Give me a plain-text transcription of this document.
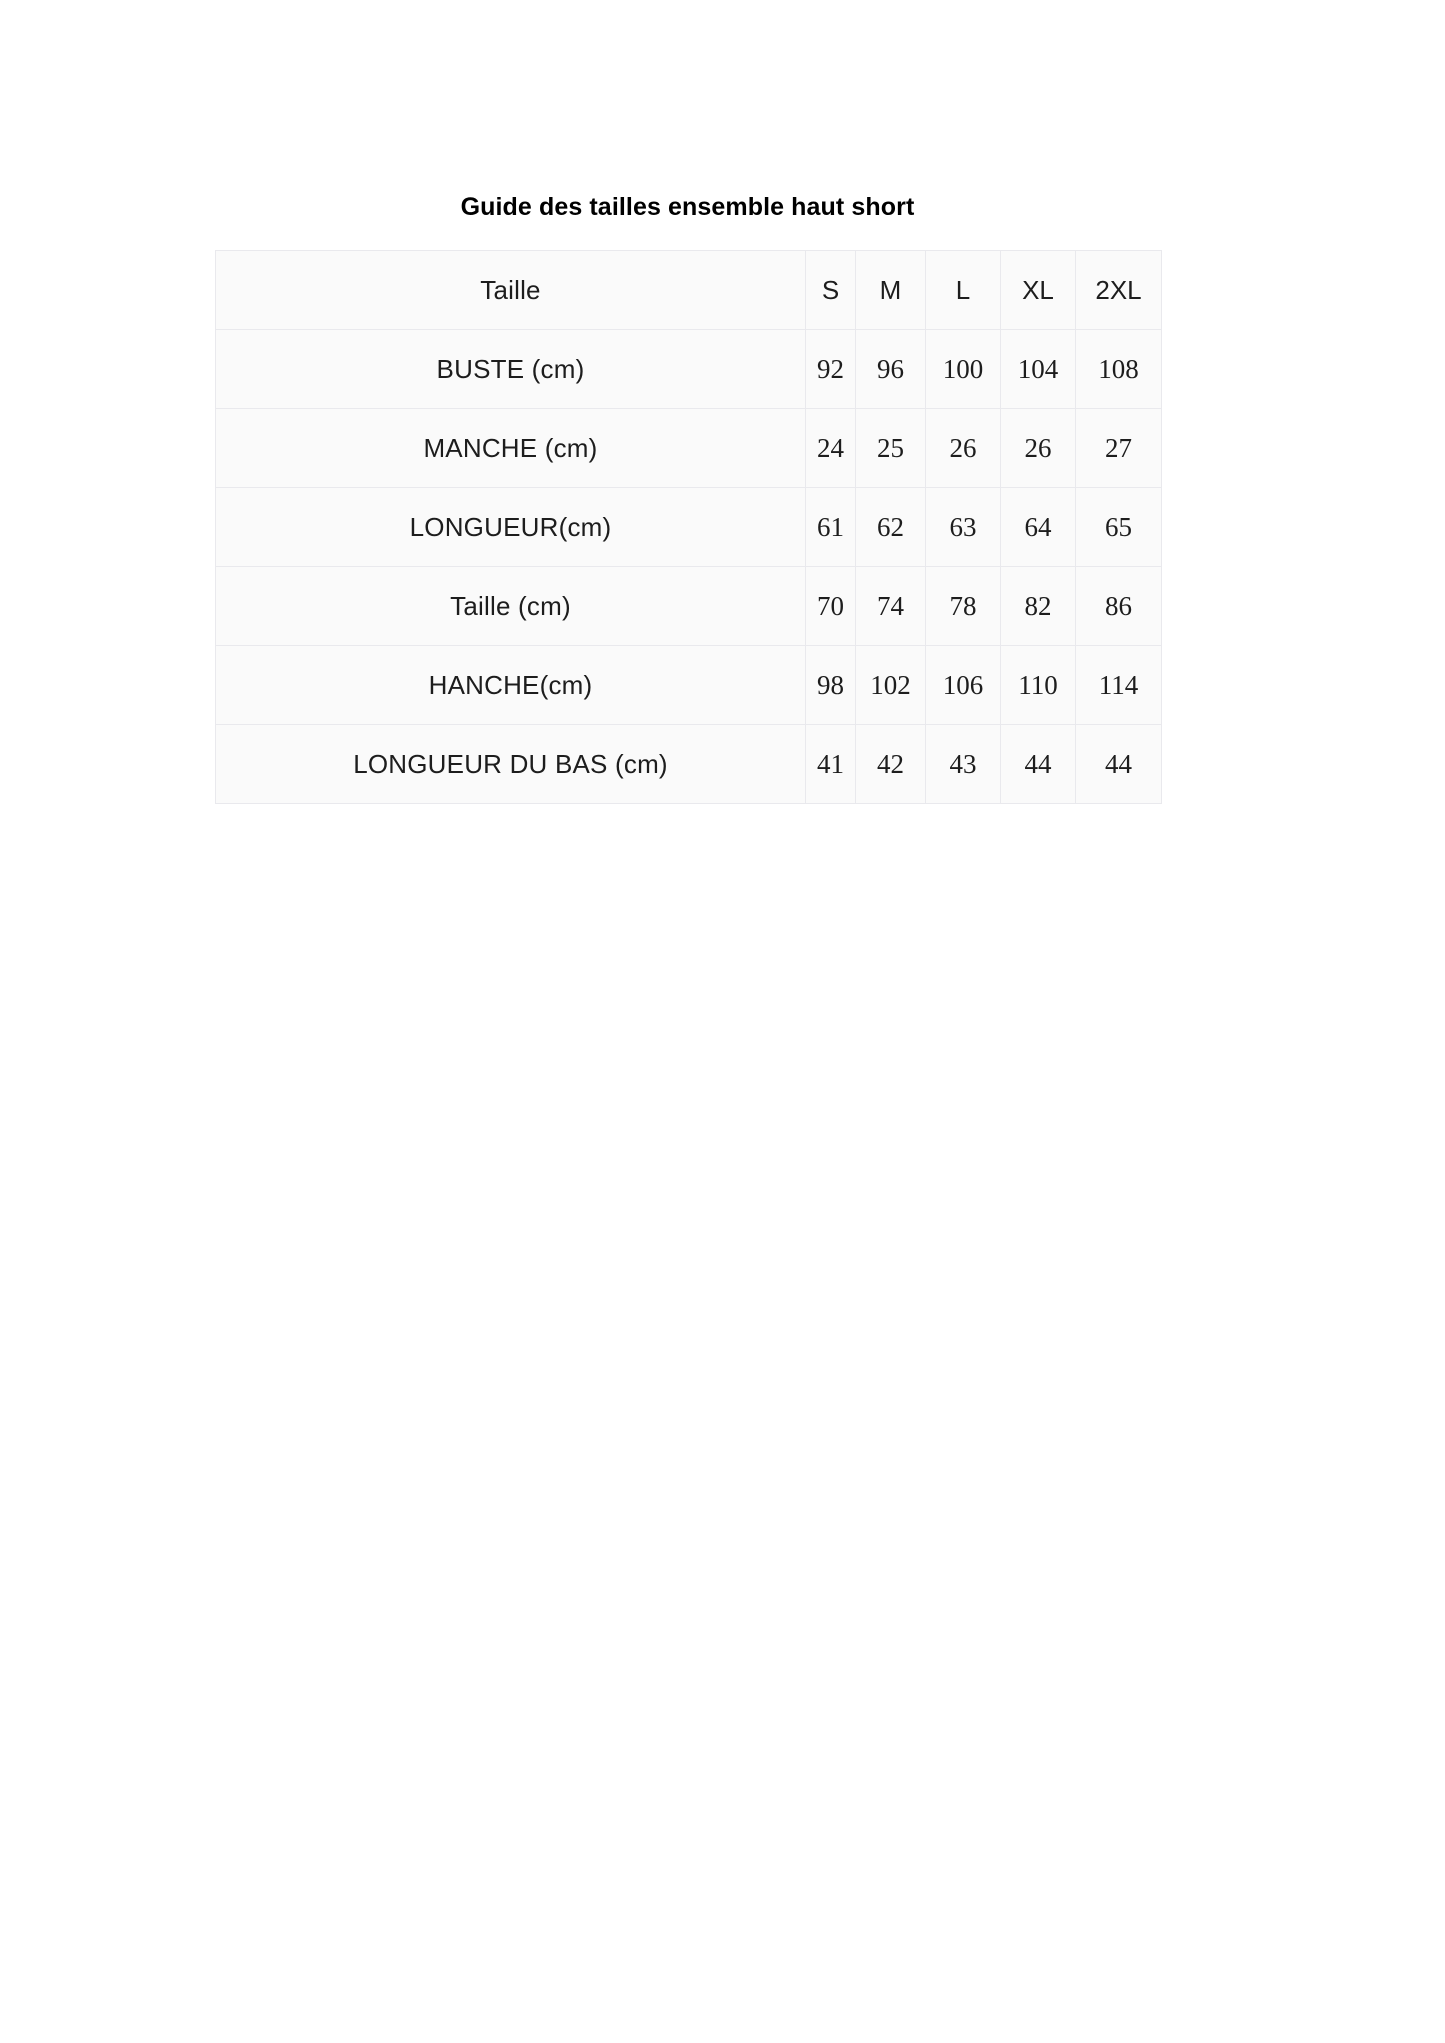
Guide des tailles ensemble haut short
Taille	S	M	L	XL	2XL
BUSTE (cm)	92	96	100	104	108
MANCHE (cm)	24	25	26	26	27
LONGUEUR(cm)	61	62	63	64	65
Taille (cm)	70	74	78	82	86
HANCHE(cm)	98	102	106	110	114
LONGUEUR DU BAS (cm)	41	42	43	44	44
